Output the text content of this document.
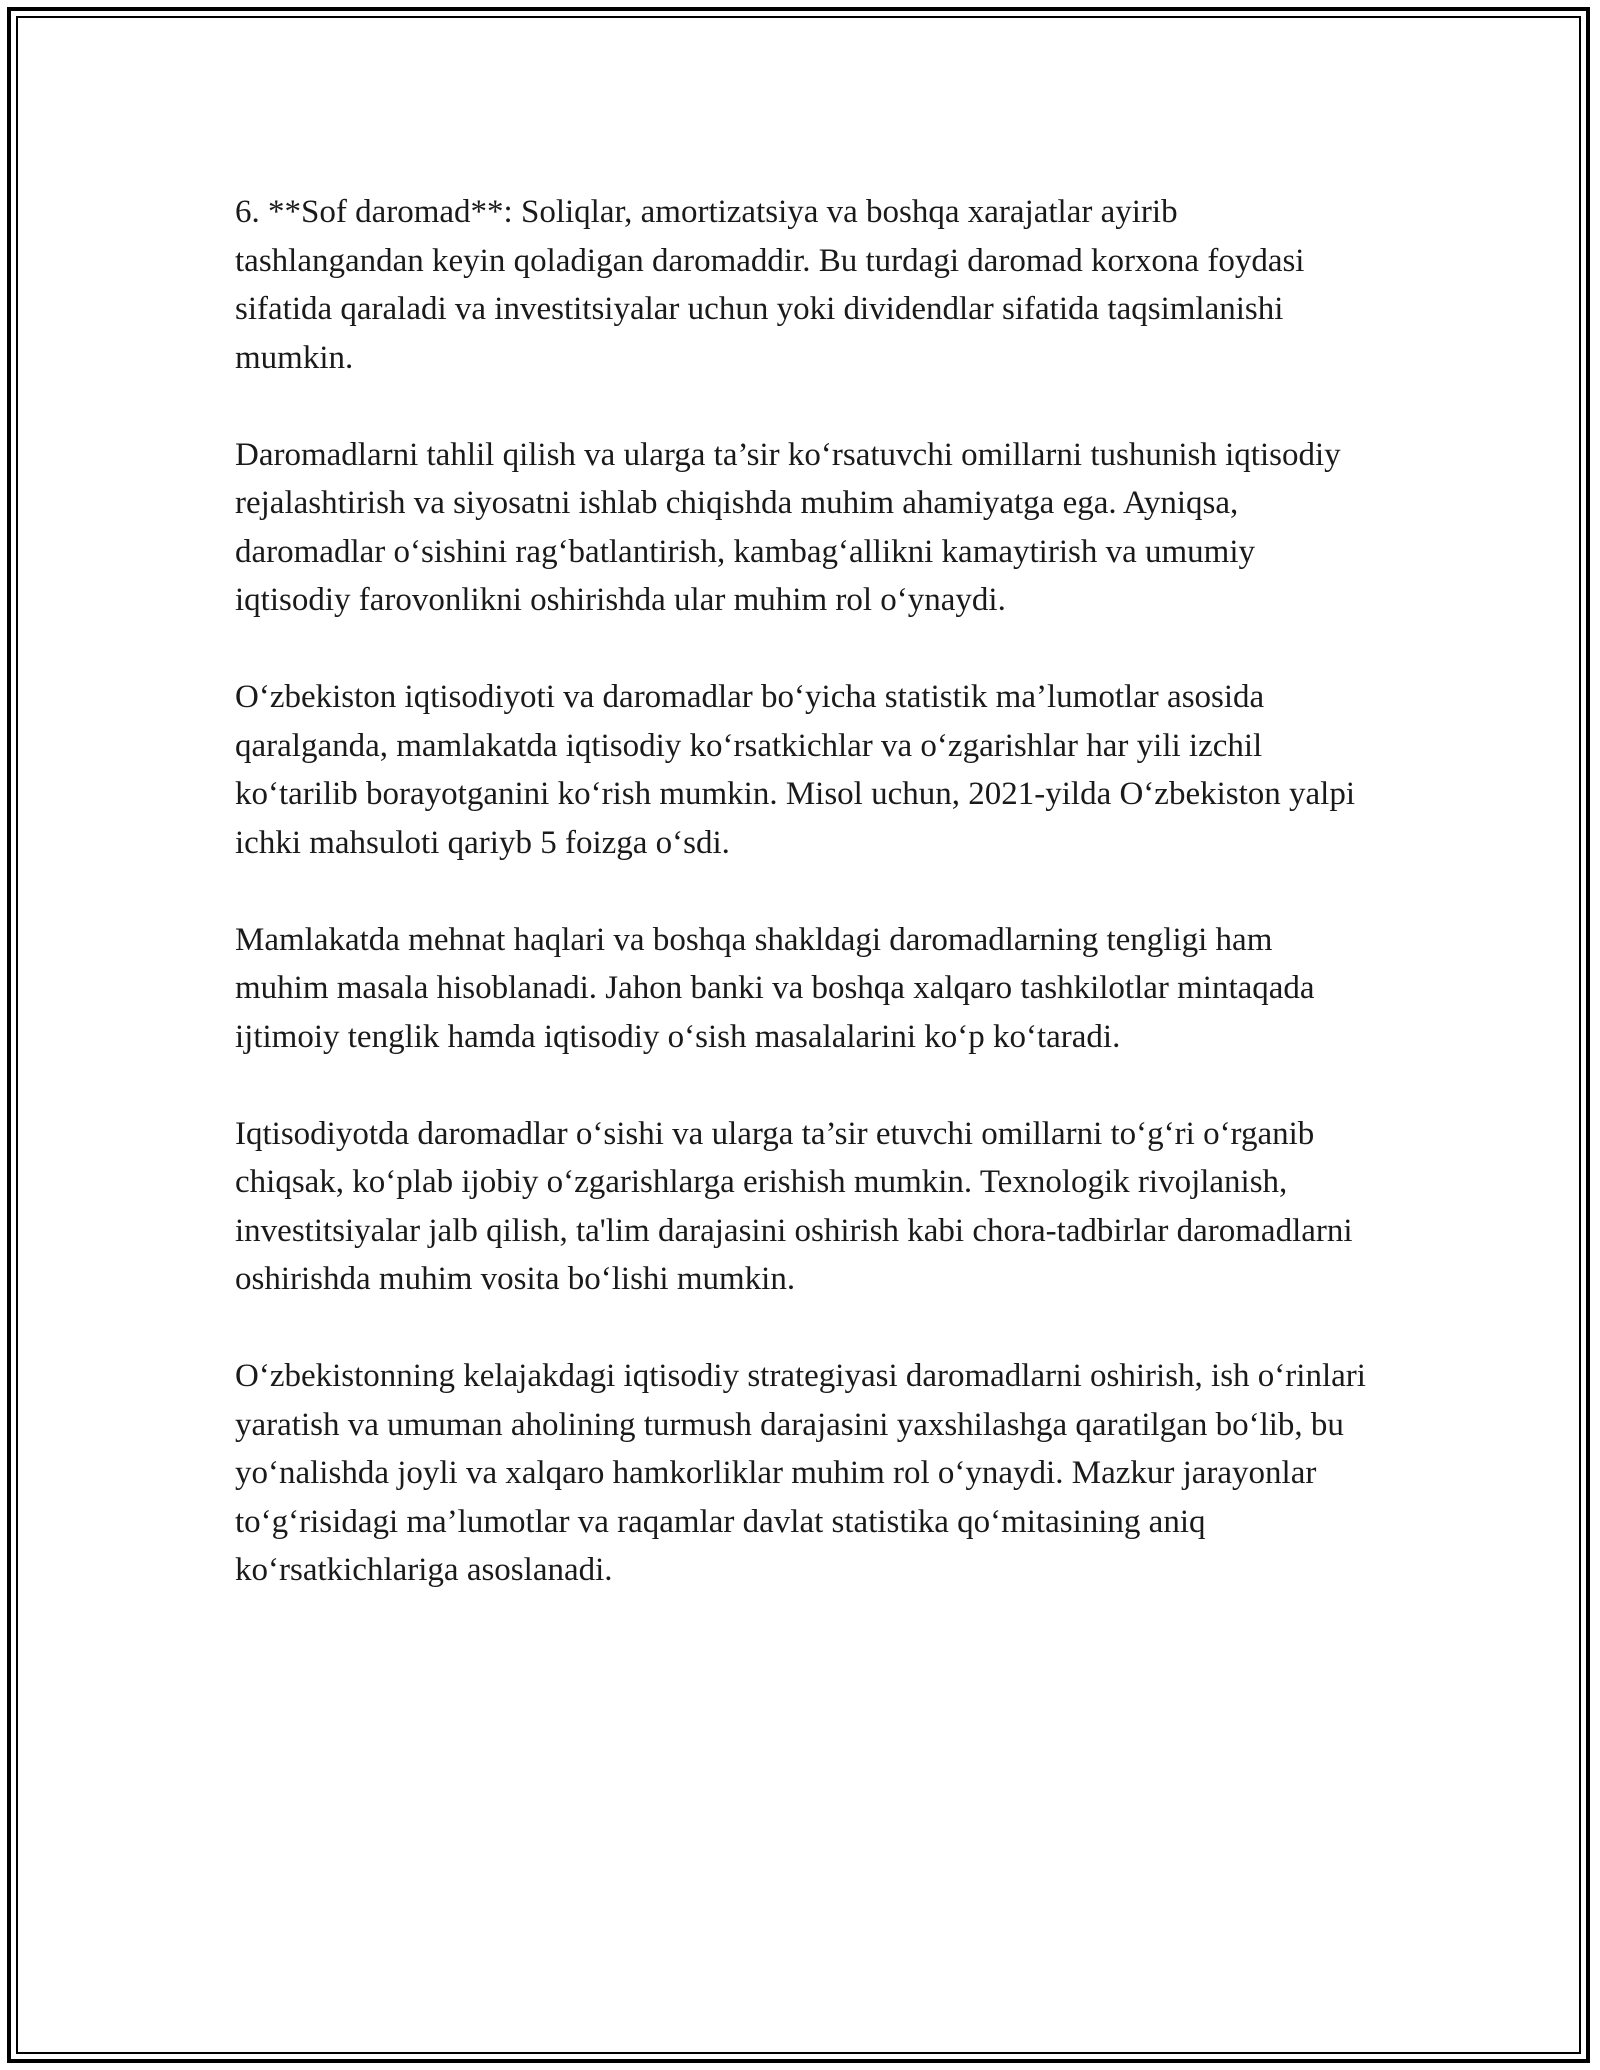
6. **Sof daromad**: Soliqlar, amortizatsiya va boshqa xarajatlar ayirib tashlangandan keyin qoladigan daromaddir. Bu turdagi daromad korxona foydasi sifatida qaraladi va investitsiyalar uchun yoki dividendlar sifatida taqsimlanishi mumkin.

Daromadlarni tahlil qilish va ularga ta’sir ko‘rsatuvchi omillarni tushunish iqtisodiy rejalashtirish va siyosatni ishlab chiqishda muhim ahamiyatga ega. Ayniqsa, daromadlar o‘sishini rag‘batlantirish, kambag‘allikni kamaytirish va umumiy iqtisodiy farovonlikni oshirishda ular muhim rol o‘ynaydi.

O‘zbekiston iqtisodiyoti va daromadlar bo‘yicha statistik ma’lumotlar asosida qaralganda, mamlakatda iqtisodiy ko‘rsatkichlar va o‘zgarishlar har yili izchil ko‘tarilib borayotganini ko‘rish mumkin. Misol uchun, 2021-yilda O‘zbekiston yalpi ichki mahsuloti qariyb 5 foizga o‘sdi.

Mamlakatda mehnat haqlari va boshqa shakldagi daromadlarning tengligi ham muhim masala hisoblanadi. Jahon banki va boshqa xalqaro tashkilotlar mintaqada ijtimoiy tenglik hamda iqtisodiy o‘sish masalalarini ko‘p ko‘taradi.

Iqtisodiyotda daromadlar o‘sishi va ularga ta’sir etuvchi omillarni to‘g‘ri o‘rganib chiqsak, ko‘plab ijobiy o‘zgarishlarga erishish mumkin. Texnologik rivojlanish, investitsiyalar jalb qilish, ta'lim darajasini oshirish kabi chora-tadbirlar daromadlarni oshirishda muhim vosita bo‘lishi mumkin.

O‘zbekistonning kelajakdagi iqtisodiy strategiyasi daromadlarni oshirish, ish o‘rinlari yaratish va umuman aholining turmush darajasini yaxshilashga qaratilgan bo‘lib, bu yo‘nalishda joyli va xalqaro hamkorliklar muhim rol o‘ynaydi. Mazkur jarayonlar to‘g‘risidagi ma’lumotlar va raqamlar davlat statistika qo‘mitasining aniq ko‘rsatkichlariga asoslanadi.
